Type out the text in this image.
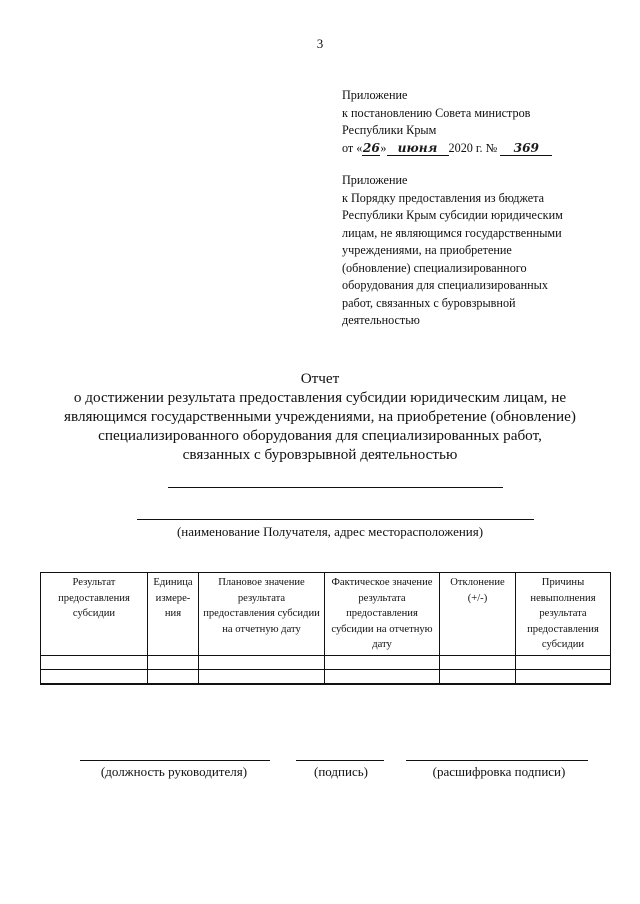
3
Приложение
к постановлению Совета министров
Республики Крым
от «26» июня 2020 г. № 369
Приложение
к Порядку предоставления из бюджета
Республики Крым субсидии юридическим
лицам, не являющимся государственными
учреждениями, на приобретение
(обновление) специализированного
оборудования для специализированных
работ, связанных с буровзрывной
деятельностью
Отчет
о достижении результата предоставления субсидии юридическим лицам, не
являющимся государственными учреждениями, на приобретение (обновление)
специализированного оборудования для специализированных работ,
связанных с буровзрывной деятельностью
(наименование Получателя, адрес месторасположения)
Результат предоставления субсидии	Единица измере-ния	Плановое значение результата предоставления субсидии на отчетную дату	Фактическое значение результата предоставления субсидии на отчетную дату	Отклонение (+/-)	Причины невыполнения результата предоставления субсидии

(должность руководителя)	(подпись)	(расшифровка подписи)
